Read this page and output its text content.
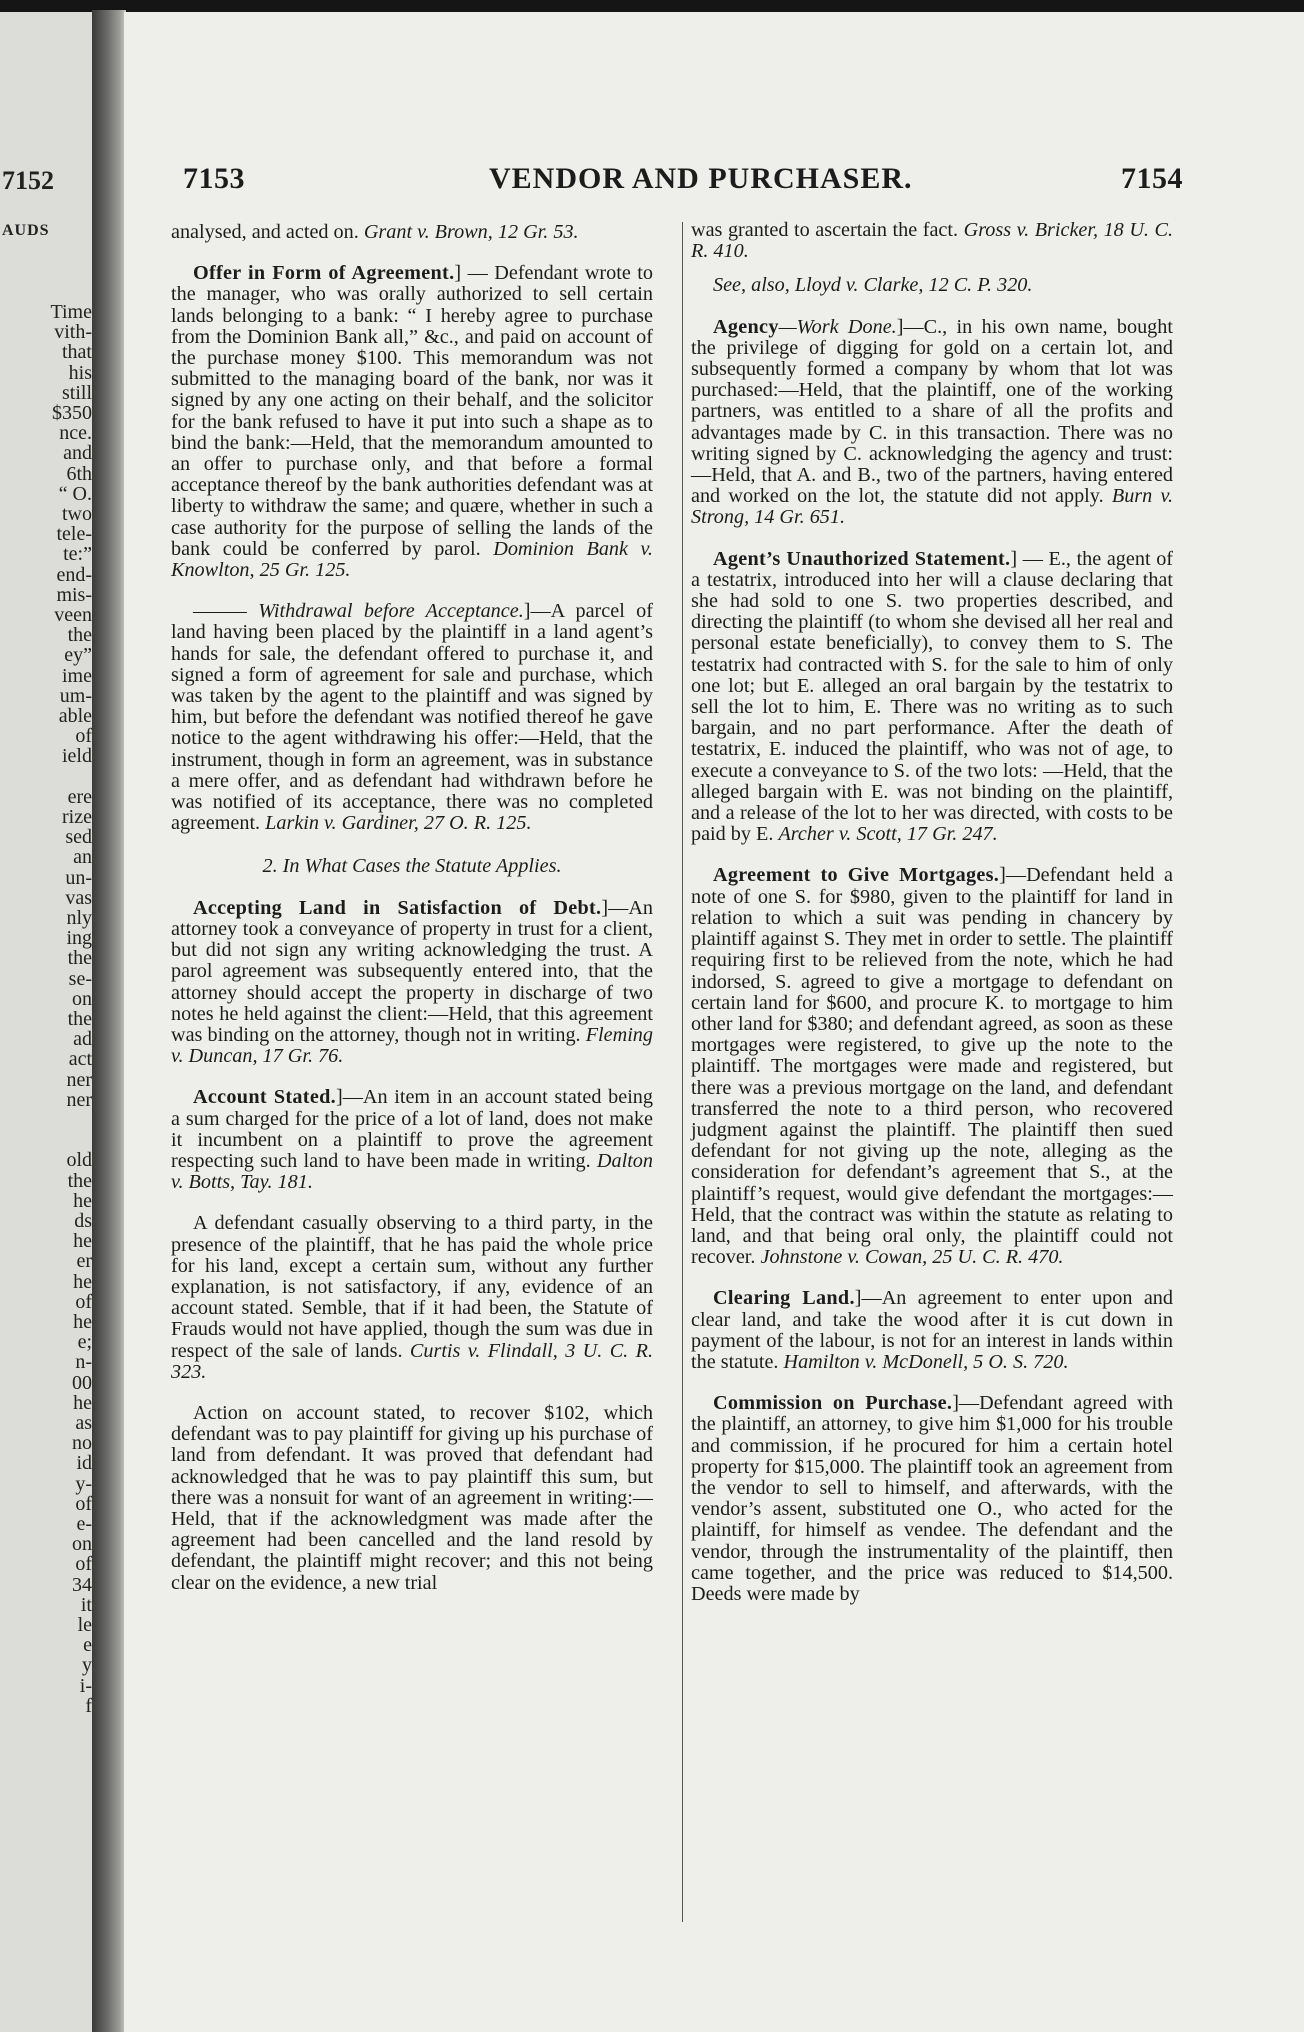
7152
AUDS
Time
vith-
that
his
still
$350
nce.
and
6th
“ O.
two
tele-
te:”
end-
mis-
veen
the
ey”
ime
um-
able
of
ield
ere
rize
sed
an
un-
vas
nly
ing
the
se-
on
the
ad
act
ner
ner
old
the
he
ds
he
er
he
of
he
e;
n-
00
he
as
no
id
y-
of
e-
on
of
34
it
le
e
y
i-
f
7153	VENDOR AND PURCHASER.	7154

analysed, and acted on. Grant v. Brown, 12 Gr. 53.

Offer in Form of Agreement.] — Defendant wrote to the manager, who was orally authorized to sell certain lands belonging to a bank: “ I hereby agree to purchase from the Dominion Bank all,” &c., and paid on account of the purchase money $100. This memorandum was not submitted to the managing board of the bank, nor was it signed by any one acting on their behalf, and the solicitor for the bank refused to have it put into such a shape as to bind the bank:—Held, that the memorandum amounted to an offer to purchase only, and that before a formal acceptance thereof by the bank authorities defendant was at liberty to withdraw the same; and quære, whether in such a case authority for the purpose of selling the lands of the bank could be conferred by parol. Dominion Bank v. Knowlton, 25 Gr. 125.

——— Withdrawal before Acceptance.]—A parcel of land having been placed by the plaintiff in a land agent’s hands for sale, the defendant offered to purchase it, and signed a form of agreement for sale and purchase, which was taken by the agent to the plaintiff and was signed by him, but before the defendant was notified thereof he gave notice to the agent withdrawing his offer:—Held, that the instrument, though in form an agreement, was in substance a mere offer, and as defendant had withdrawn before he was notified of its acceptance, there was no completed agreement. Larkin v. Gardiner, 27 O. R. 125.

2. In What Cases the Statute Applies.

Accepting Land in Satisfaction of Debt.]—An attorney took a conveyance of property in trust for a client, but did not sign any writing acknowledging the trust. A parol agreement was subsequently entered into, that the attorney should accept the property in discharge of two notes he held against the client:—Held, that this agreement was binding on the attorney, though not in writing. Fleming v. Duncan, 17 Gr. 76.

Account Stated.]—An item in an account stated being a sum charged for the price of a lot of land, does not make it incumbent on a plaintiff to prove the agreement respecting such land to have been made in writing. Dalton v. Botts, Tay. 181.

A defendant casually observing to a third party, in the presence of the plaintiff, that he has paid the whole price for his land, except a certain sum, without any further explanation, is not satisfactory, if any, evidence of an account stated. Semble, that if it had been, the Statute of Frauds would not have applied, though the sum was due in respect of the sale of lands. Curtis v. Flindall, 3 U. C. R. 323.

Action on account stated, to recover $102, which defendant was to pay plaintiff for giving up his purchase of land from defendant. It was proved that defendant had acknowledged that he was to pay plaintiff this sum, but there was a nonsuit for want of an agreement in writing:—Held, that if the acknowledgment was made after the agreement had been cancelled and the land resold by defendant, the plaintiff might recover; and this not being clear on the evidence, a new trial

was granted to ascertain the fact. Gross v. Bricker, 18 U. C. R. 410.

See, also, Lloyd v. Clarke, 12 C. P. 320.

Agency—Work Done.]—C., in his own name, bought the privilege of digging for gold on a certain lot, and subsequently formed a company by whom that lot was purchased:—Held, that the plaintiff, one of the working partners, was entitled to a share of all the profits and advantages made by C. in this transaction. There was no writing signed by C. acknowledging the agency and trust:—Held, that A. and B., two of the partners, having entered and worked on the lot, the statute did not apply. Burn v. Strong, 14 Gr. 651.

Agent’s Unauthorized Statement.] — E., the agent of a testatrix, introduced into her will a clause declaring that she had sold to one S. two properties described, and directing the plaintiff (to whom she devised all her real and personal estate beneficially), to convey them to S. The testatrix had contracted with S. for the sale to him of only one lot; but E. alleged an oral bargain by the testatrix to sell the lot to him, E. There was no writing as to such bargain, and no part performance. After the death of testatrix, E. induced the plaintiff, who was not of age, to execute a conveyance to S. of the two lots: —Held, that the alleged bargain with E. was not binding on the plaintiff, and a release of the lot to her was directed, with costs to be paid by E. Archer v. Scott, 17 Gr. 247.

Agreement to Give Mortgages.]—Defendant held a note of one S. for $980, given to the plaintiff for land in relation to which a suit was pending in chancery by plaintiff against S. They met in order to settle. The plaintiff requiring first to be relieved from the note, which he had indorsed, S. agreed to give a mortgage to defendant on certain land for $600, and procure K. to mortgage to him other land for $380; and defendant agreed, as soon as these mortgages were registered, to give up the note to the plaintiff. The mortgages were made and registered, but there was a previous mortgage on the land, and defendant transferred the note to a third person, who recovered judgment against the plaintiff. The plaintiff then sued defendant for not giving up the note, alleging as the consideration for defendant’s agreement that S., at the plaintiff’s request, would give defendant the mortgages:—Held, that the contract was within the statute as relating to land, and that being oral only, the plaintiff could not recover. Johnstone v. Cowan, 25 U. C. R. 470.

Clearing Land.]—An agreement to enter upon and clear land, and take the wood after it is cut down in payment of the labour, is not for an interest in lands within the statute. Hamilton v. McDonell, 5 O. S. 720.

Commission on Purchase.]—Defendant agreed with the plaintiff, an attorney, to give him $1,000 for his trouble and commission, if he procured for him a certain hotel property for $15,000. The plaintiff took an agreement from the vendor to sell to himself, and afterwards, with the vendor’s assent, substituted one O., who acted for the plaintiff, for himself as vendee. The defendant and the vendor, through the instrumentality of the plaintiff, then came together, and the price was reduced to $14,500. Deeds were made by
